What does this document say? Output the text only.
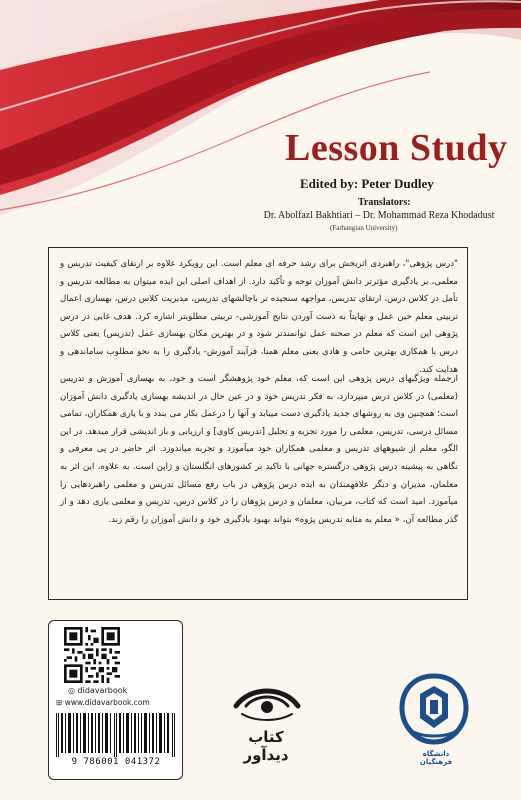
Lesson Study
Edited by: Peter Dudley
Translators:
Dr. Abolfazl Bakhtiari – Dr. Mohammad Reza Khodadust
(Farhangian University)

"درس پژوهی"، راهبردی اثربخش برای رشد حرفه ای معلم است. این رویکرد علاوه بر ارتقای کیفیت تدریس و معلمی، بر یادگیری مؤثرتر دانش آموزان توجه و تأکید دارد. از اهداف اصلی این ایده میتوان به مطالعه تدریس و تأمل در کلاس درس، ارتقای تدریس، مواجهه سنجیده تر باچالشهای تدریس، مدیریت کلاس درس، بهسازی اعمال تربیتی معلم حین عمل و نهایتاً به دست آوردن نتایج آموزشی- تربیتی مطلوبتر اشاره کرد. هدف غایی در درس پژوهی این است که معلم در صحنه عمل توانمندتر شود و در بهترین مکان بهسازی عمل (تدریس) یعنی کلاس درس با همکاری بهترین حامی و هادی یعنی معلم همتا، فرآیند آموزش- یادگیری را به نحو مطلوب ساماندهی و هدایت کند.

ازجمله ویژگیهای درس پژوهی این است که، معلم خود پژوهشگر است و خود، به بهسازی آموزش و تدریس (معلمی) در کلاس درس میپردازد، به فکر تدریس خود و در عین حال در اندیشه بهسازی یادگیری دانش آموزان است؛ همچنین وی به روشهای جدید یادگیری دست مییابد و آنها را درعمل بکار می بندد و با یاری همکاران، تمامی مسائل درسی، تدریس، معلمی را مورد تجزیه و تحلیل [تدریس کاوی] و ارزیابی و باز اندیشی قرار میدهد. در این الگو، معلم از شیوههای تدریس و معلمی همکاران خود میآموزد و تجربه میاندوزد. اثر حاضر در پی معرفی و نگاهی به پیشینه درس پژوهی درگستره جهانی با تاکید بر کشورهای انگلستان و ژاپن است. به علاوه، این اثر به معلمان، مدیران و دیگر علاقهمندان به ایده درس پژوهی در باب رفع مسائل تدریس و معلمی راهبردهایی را میآموزد. امید است که کتاب، مربیان، معلمان و درس پژوهان را در کلاس درس، تدریس و معلمی یاری دهد و از گذر مطالعه آن، « معلم به مثابه تدریس پژوه» بتواند بهبود یادگیری خود و دانش آموزان را رقم زند.

◎ didavarbook
⊞ www.didavarbook.com
9 786001 041372
کتاب دیدآور	دانشگاه فرهنگیان
